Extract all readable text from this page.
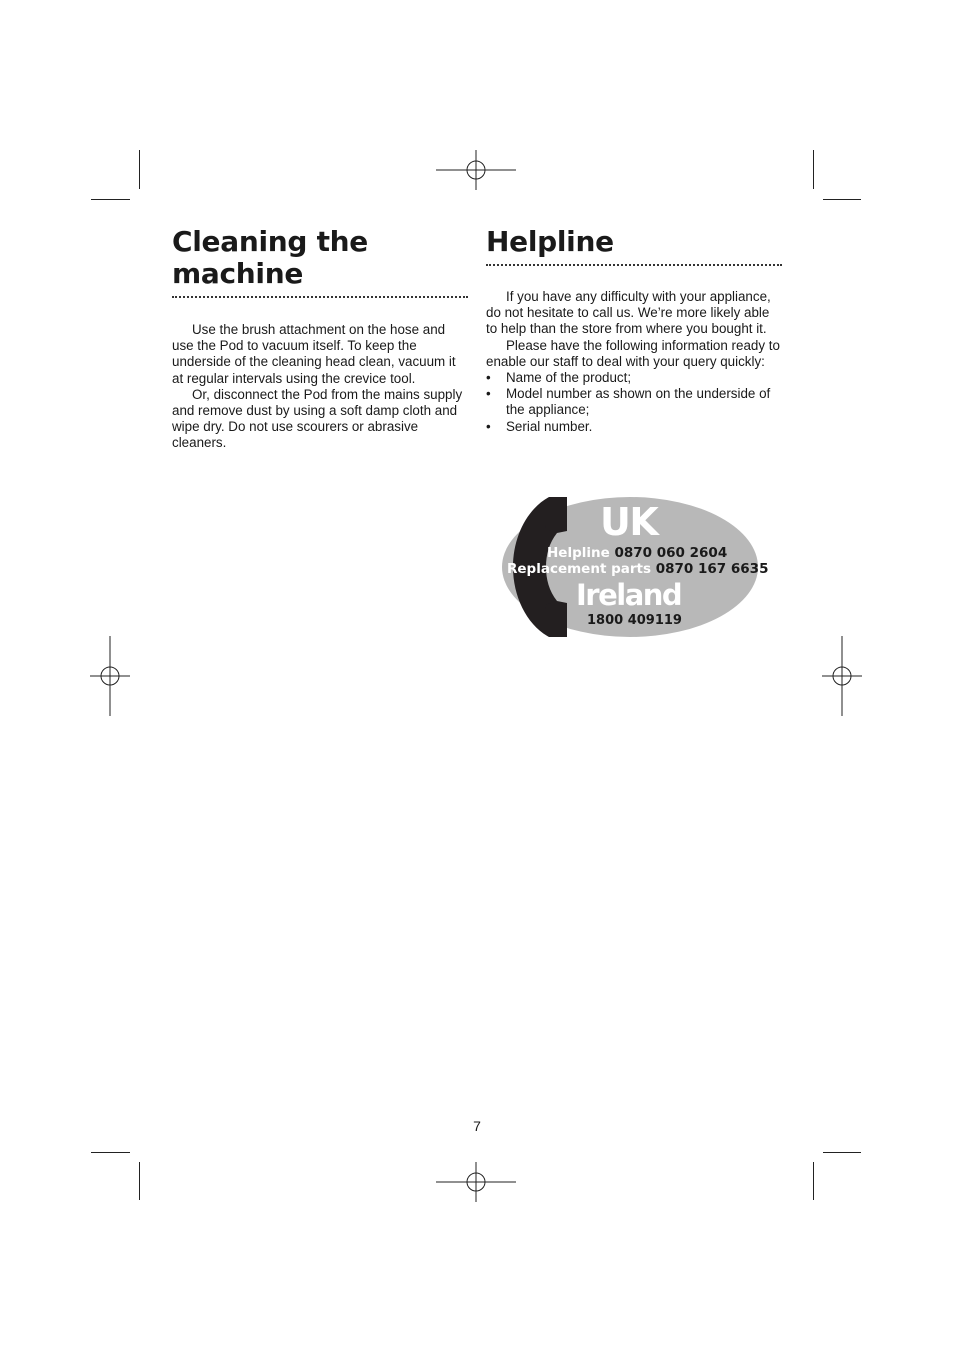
Cleaning the
machine

Use the brush attachment on the hose and use the Pod to vacuum itself. To keep the underside of the cleaning head clean, vacuum it at regular intervals using the crevice tool.

Or, disconnect the Pod from the mains supply and remove dust by using a soft damp cloth and wipe dry. Do not use scourers or abrasive cleaners.

Helpline

If you have any difficulty with your appliance, do not hesitate to call us. We’re more likely able to help than the store from where you bought it.

Please have the following information ready to enable our staff to deal with your query quickly:

• Name of the product;
• Model number as shown on the underside of the appliance;
• Serial number.
UK
Helpline 0870 060 2604
Replacement parts 0870 167 6635
Ireland
1800 409119
7
